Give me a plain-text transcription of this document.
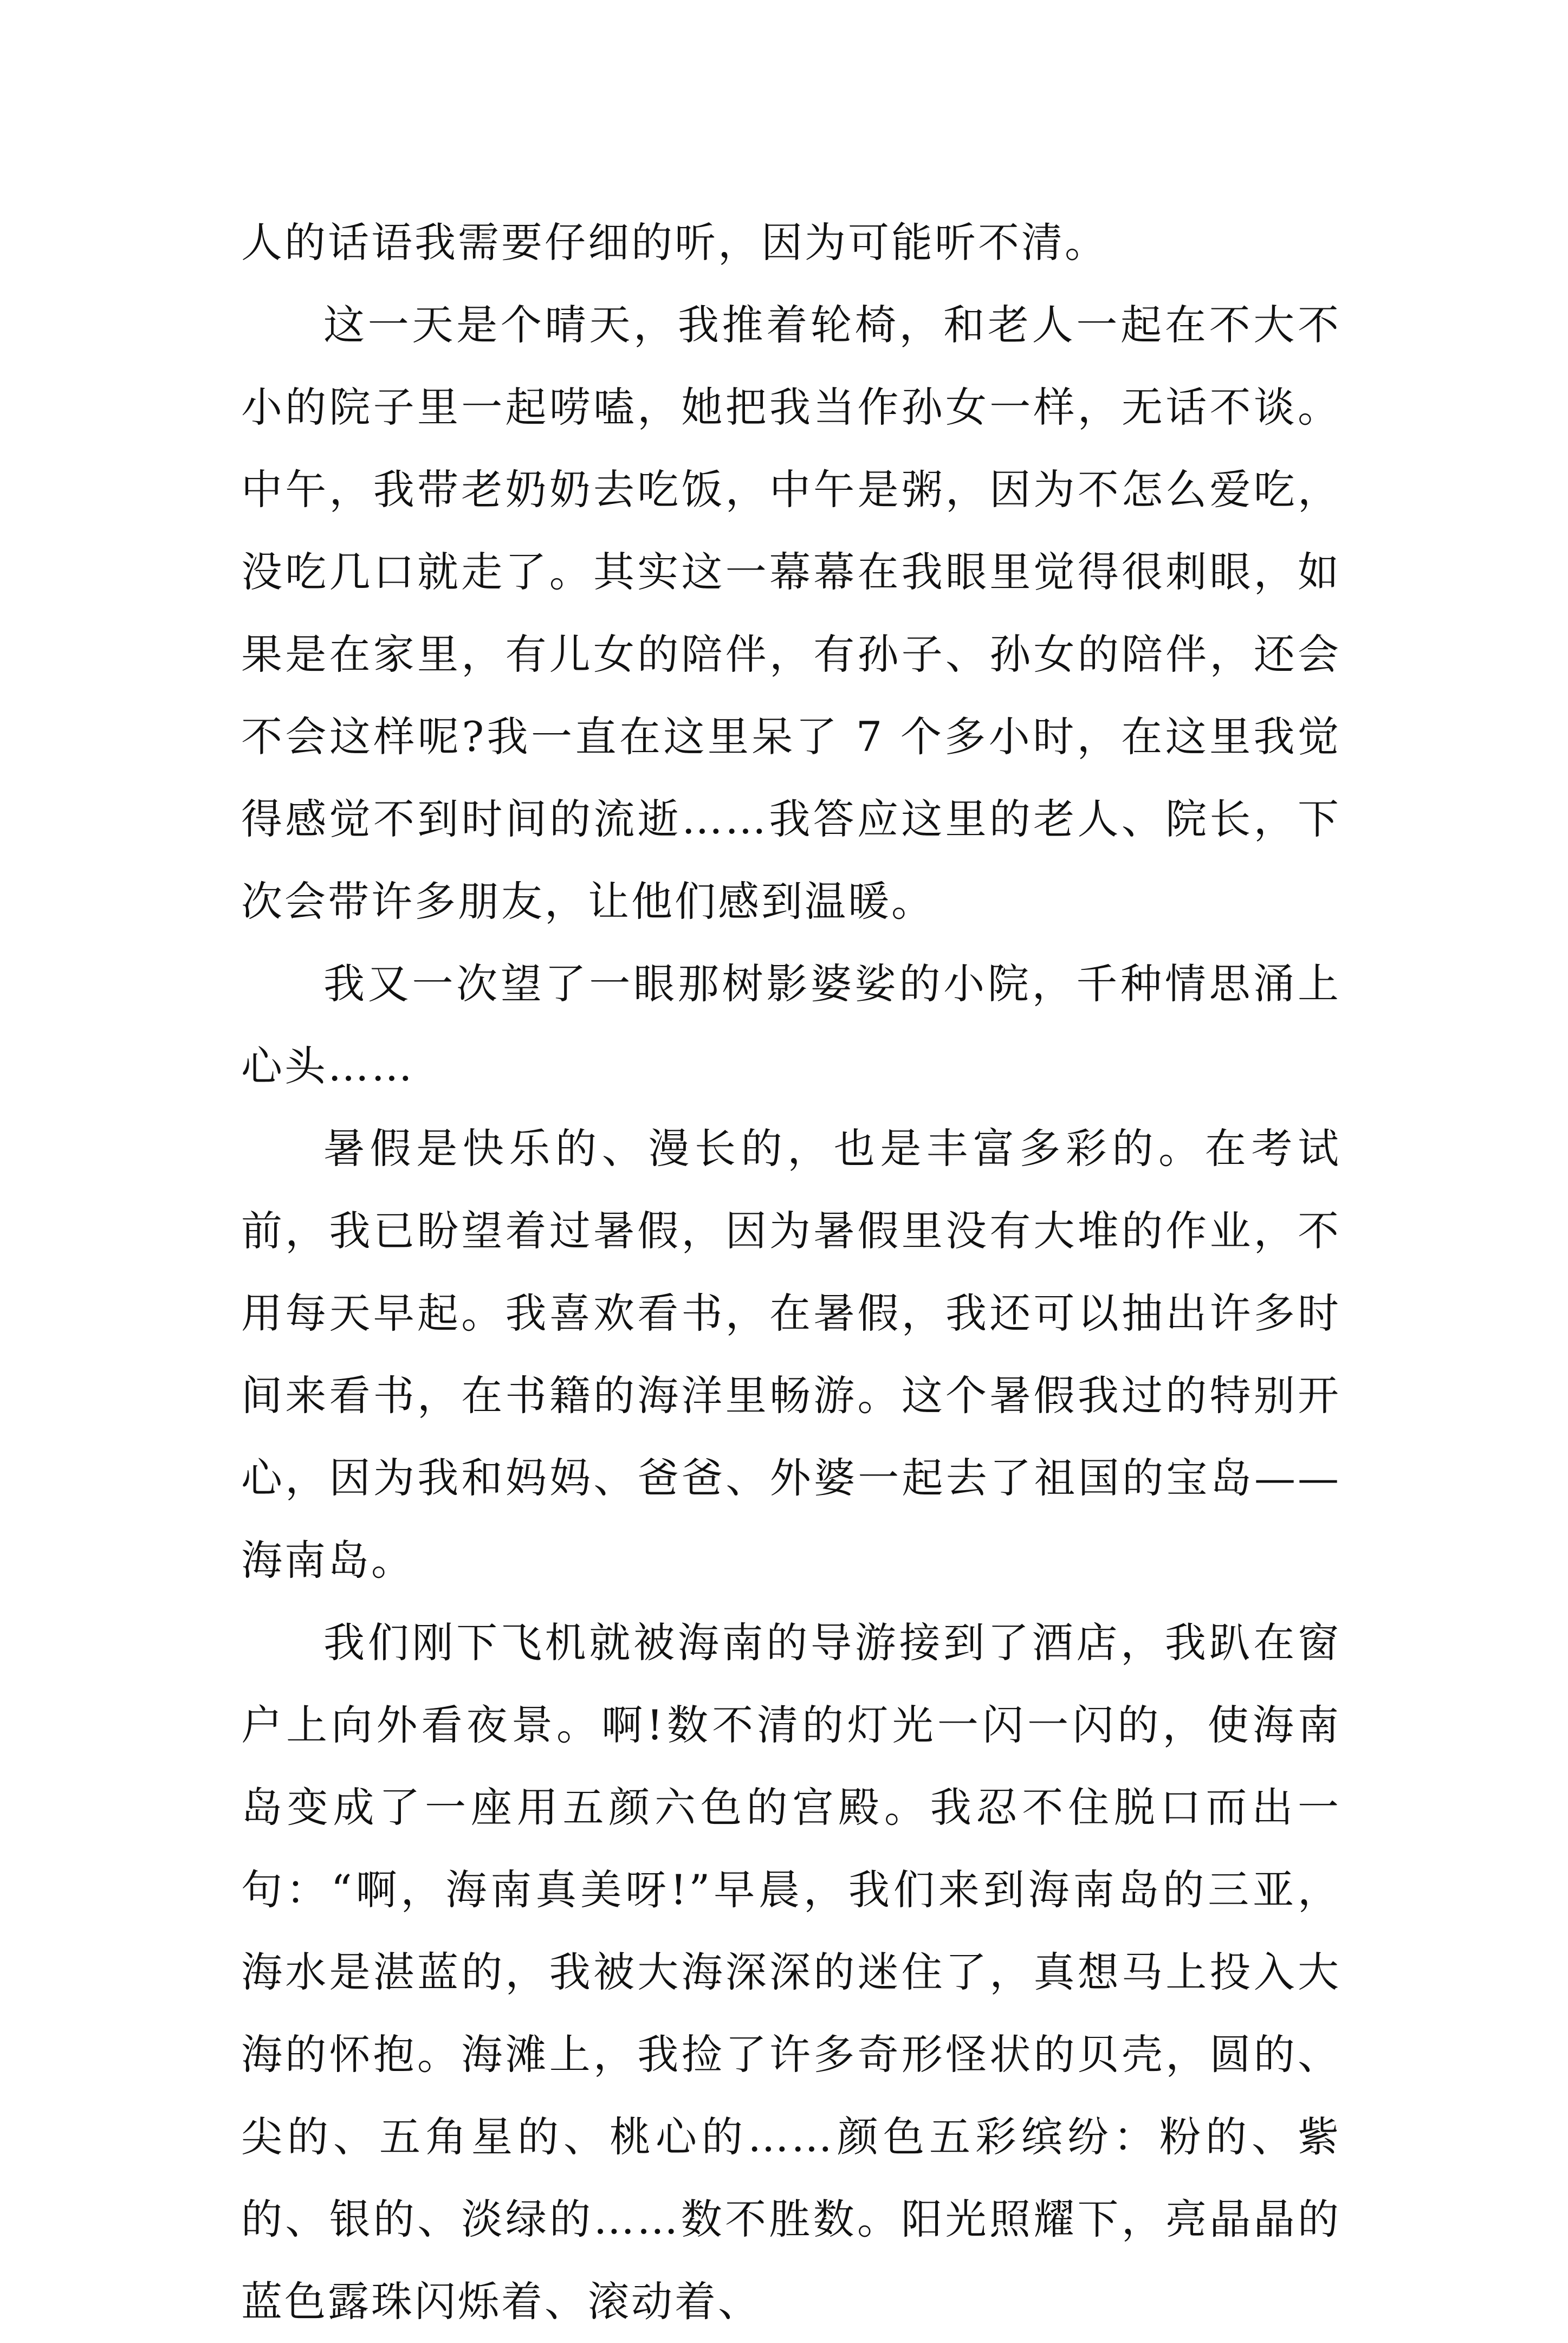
人的话语我需要仔细的听，因为可能听不清。

这一天是个晴天，我推着轮椅，和老人一起在不大不小的院子里一起唠嗑，她把我当作孙女一样，无话不谈。中午，我带老奶奶去吃饭，中午是粥，因为不怎么爱吃，没吃几口就走了。其实这一幕幕在我眼里觉得很刺眼，如果是在家里，有儿女的陪伴，有孙子、孙女的陪伴，还会不会这样呢?我一直在这里呆了 7 个多小时，在这里我觉得感觉不到时间的流逝……我答应这里的老人、院长，下次会带许多朋友，让他们感到温暖。

我又一次望了一眼那树影婆娑的小院，千种情思涌上心头……

暑假是快乐的、漫长的，也是丰富多彩的。在考试前，我已盼望着过暑假，因为暑假里没有大堆的作业，不用每天早起。我喜欢看书，在暑假，我还可以抽出许多时间来看书，在书籍的海洋里畅游。这个暑假我过的特别开心，因为我和妈妈、爸爸、外婆一起去了祖国的宝岛——海南岛。

我们刚下飞机就被海南的导游接到了酒店，我趴在窗户上向外看夜景。啊!数不清的灯光一闪一闪的，使海南岛变成了一座用五颜六色的宫殿。我忍不住脱口而出一句：“啊，海南真美呀!”早晨，我们来到海南岛的三亚，海水是湛蓝的，我被大海深深的迷住了，真想马上投入大海的怀抱。海滩上，我捡了许多奇形怪状的贝壳，圆的、尖的、五角星的、桃心的……颜色五彩缤纷：粉的、紫的、银的、淡绿的……数不胜数。阳光照耀下，亮晶晶的蓝色露珠闪烁着、滚动着、
